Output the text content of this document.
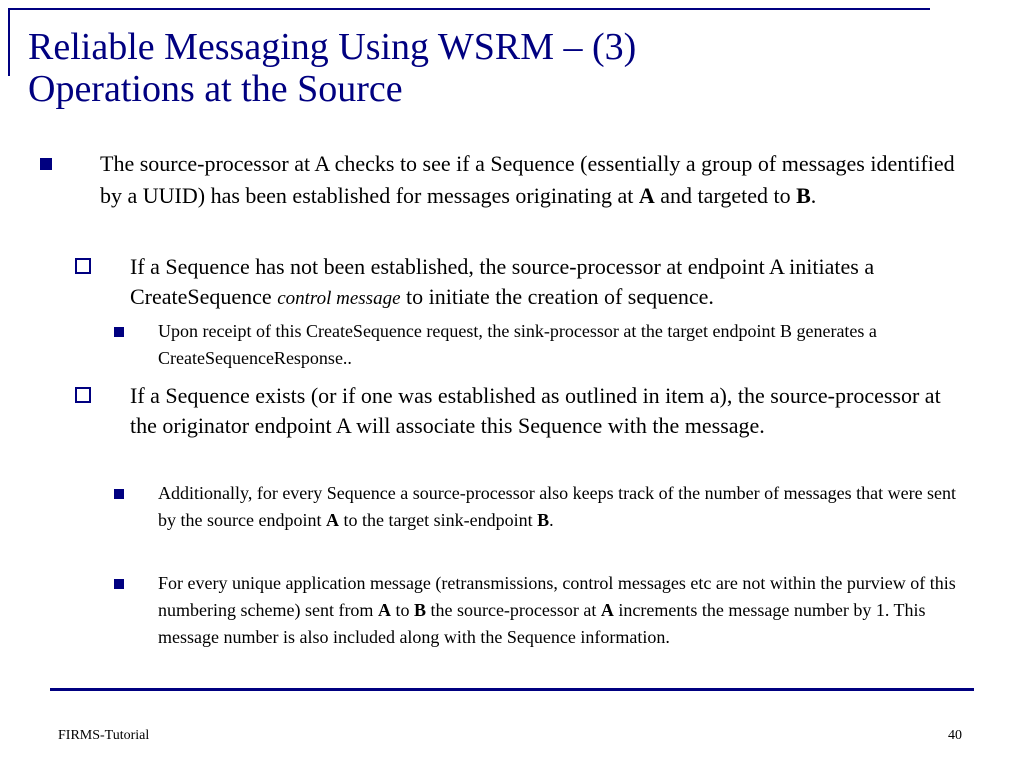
Reliable Messaging Using WSRM – (3)
Operations at the Source

The source-processor at A checks to see if a Sequence (essentially a group of messages identified by a UUID) has been established for messages originating at A and targeted to B.

If a Sequence has not been established, the source-processor at endpoint A initiates a CreateSequence control message to initiate the creation of sequence.

Upon receipt of this CreateSequence request, the sink-processor at the target endpoint B generates a CreateSequenceResponse..

If a Sequence exists (or if one was established as outlined in item a), the source-processor at the originator endpoint A will associate this Sequence with the message.

Additionally, for every Sequence a source-processor also keeps track of the number of messages that were sent by the source endpoint A to the target sink-endpoint B.

For every unique application message (retransmissions, control messages etc are not within the purview of this numbering scheme) sent from A to B the source-processor at A increments the message number by 1. This message number is also included along with the Sequence information.

FIRMS-Tutorial	40
